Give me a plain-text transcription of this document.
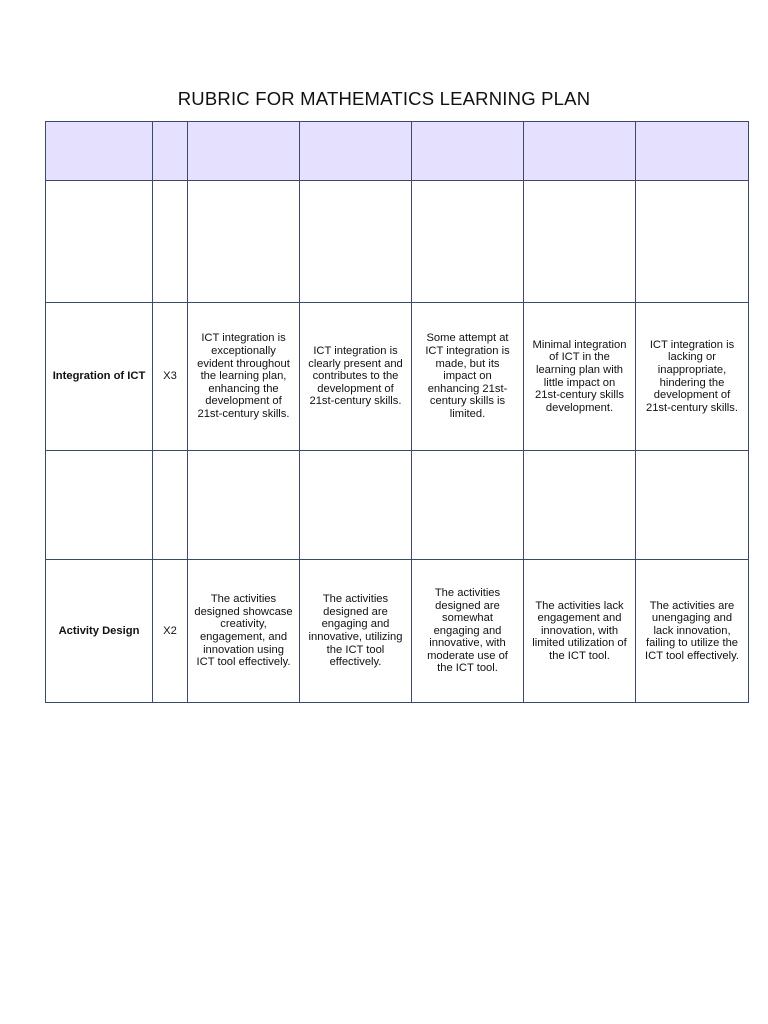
RUBRIC FOR MATHEMATICS LEARNING PLAN

Integration of ICT	X3	ICT integration is exceptionally evident throughout the learning plan, enhancing the development of 21st-century skills.	ICT integration is clearly present and contributes to the development of 21st-century skills.	Some attempt at ICT integration is made, but its impact on enhancing 21st-century skills is limited.	Minimal integration of ICT in the learning plan with little impact on 21st-century skills development.	ICT integration is lacking or inappropriate, hindering the development of 21st-century skills.

Activity Design	X2	The activities designed showcase creativity, engagement, and innovation using ICT tool effectively.	The activities designed are engaging and innovative, utilizing the ICT tool effectively.	The activities designed are somewhat engaging and innovative, with moderate use of the ICT tool.	The activities lack engagement and innovation, with limited utilization of the ICT tool.	The activities are unengaging and lack innovation, failing to utilize the ICT tool effectively.
